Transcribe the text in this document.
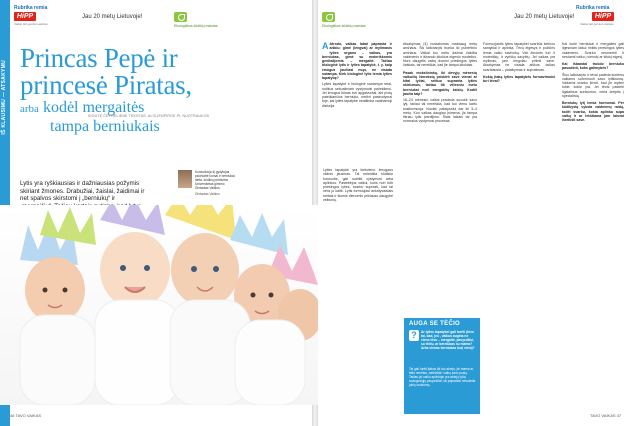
IŠ KLAUSIMU — ATSAKYMU
Rubrika remia
HiPP
Vaikai dėl gamtos ateities
Jau 20 metų Lietuvoje!
Ekologiškos kūdikių maistas
Princas Pepė ir
princesė Piratas,
arba kodėl mergaitės
tampa berniukais
SIGUTĖ ČEPRELIENĖ TEKSTAS, ALICJENPIRGE.PL NUOTRAUKOS
Lytis yra ryškiausias ir dažniausias požymis skiriant žmones. Drabužiai, žaislai, žaidimai ir net spalvos skirstomi į „berniukų“ ir
Konsultuoja šį gydytojas psichiatrė kursai ir berniukai, dieta, kūdikių priimkimo Universitetas gimimo Gintautas Vaitkus
Gintautas Vaitkus
46 TAVO VAIKAS
Ekologiškos kūdikių maistas
Jau 20 metų Lietuvoje!
Rubrika remia
HiPP
Vaikai dėl gamtos ateities
TAVO VAIKAS 47
A Atrodo, vaikas labai paprasta ir aiškiu: gimė (lengvai) ar mylimasis lyties organo – vaikas, yra berniukas, gimė su moteriškomis genitalijomis – mergaitė. Tačiau biologinė lytis ir lyties tapatybė, t. y. kaip žmogus jaučiasi esąs, ne visada sutampa. Kiek biologinė lytis lemia lyties tapatybę?
Lyties tapatybė ir biologinė sustampa retai, nutikus sekualiniam vystymuisi pažeidimui. Jei žmogus kūnas turi apgalvuotai, abi plotą pateikiančios berniuko, netikri pasirodymai toje, kai lyties tapatybė neatitinka vadinamoji disforija.
Lyties tapatybė yra kiekvieno žmogaus vidinis jausmas. Tai neleidžia kūdikiui formuotis, gali sutrikti vystymosi arba aplinkos. Pastebėjus vaikui, kuris nori būti priešingos lyties, svarbu suprasti, kad tai nėra jo kaltė. Lytis formuojasi ankstyvaisiais metais ir šiomis dienomis priklauso daugybė veiksnių.
Atsakymas (4) nustatomas maždaug metų amžiaus. Šis laikotarpis trunka iki pubertinio amžiaus. Vaikai tuo metu dažnai žaidžia vaidmenis ir išbando kitokius elgesio modelius. Nors daugelis vaikų domisi priešingos lyties žaislais, tai nereiškia, kad jie tampa kitokiais.
Pasak mokslininkų, iki devyjų mėnesių vaikučių išmokstą priskirti save vienai ar kitai lyčiai, sritiuo supranta lyties skirtumus, tačiau tik vėlesniu metu berniukai nori mergaičių žaislų. Kodėl jaučia taip?
18–24 mėnesio vaikai pradeda suvokti savo lytį, tačiau tai nereiškia, kad tuo vienu kartu susiformuoja. Nuolat, palaipsniui dar iki 3–4 metų. Kuo vaikas daugiau įsimena, jis tampa tikriau lytis įvardijimu. Šiais laikais tai yra normalus vystymosi procesas.
Formuojantis lyties tapatybei svarbūs šeimos santykiai ir aplinka. Tėvų elgesys ir požiūris lemia vaiko savivoką. Visi žmonės turi ir moteriškų, ir vyriškų savybių. Jei vaikas yra mylimas, jam lengviau priimti save. Atsakymas ne visada aiškus, tačiau svarbiausia – palaikymas ir supratimas.
Kokią įtaką lyties tapatybės formavimuisi turi tėvai?
Kai kurie berniukai ir mergaitės gali ilgesniam laikui rinktis priešingos lyties vaidmenis. Svarbu nesmerkti ir nestumti vaiko į vienokį ar kitokį elgesį.
Kai išbandai trukdo berniuko pasodinti, koks galimybės?
Šiuo laikotarpiu ir tėvai padeda kuriems vaikams suformuoti savo lytiškumą. Vaikams svarbu žinoti, kad jie mylimi tokie, kokie yra. Jei tėvai pastebi ilgalaikius sunkumus, verta kreiptis į specialistą.
Berniukų lytį lemia hormonai. Per kūdikystę vyksta vaidmenų raidą, todėl svarbu, kokia aplinka supa vaiką ir ar leidžiama jam laisvai išreikšti save.
AUGA SE TĖČIO
?	Ar lyties tapatybei gali turėti (tėvo tai, kad, jeu , vaikus augina ne vieno tėvo – mergaitė, pavyzdžiui, su tėčiu, ar berniukas su mama? Arba vienas berniukas kurį vienij?
Tai gali turėti įtakos tik tuo atveju, jei mama ar tėtis nereikia „neleidžia“ vaikų savo pusių. Tačiau jei vaiko aplinkoje yra abiejų lyčių suaugusiųjų pavyzdžiai, tai paprastai nesukelia jokių sunkumų.
